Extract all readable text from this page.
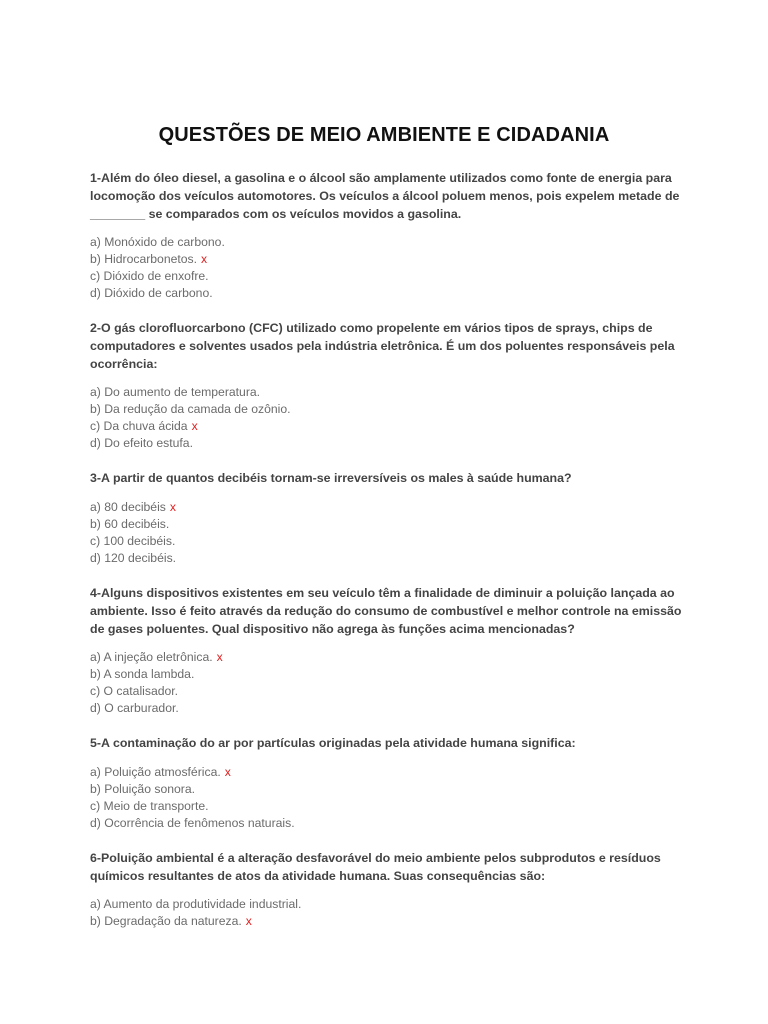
QUESTÕES DE MEIO AMBIENTE E CIDADANIA

1-Além do óleo diesel, a gasolina e o álcool são amplamente utilizados como fonte de energia para locomoção dos veículos automotores. Os veículos a álcool poluem menos, pois expelem metade de ________ se comparados com os veículos movidos a gasolina.

a) Monóxido de carbono.
b) Hidrocarbonetos. x
c) Dióxido de enxofre.
d) Dióxido de carbono.

2-O gás clorofluorcarbono (CFC) utilizado como propelente em vários tipos de sprays, chips de computadores e solventes usados pela indústria eletrônica. É um dos poluentes responsáveis pela ocorrência:

a) Do aumento de temperatura.
b) Da redução da camada de ozônio.
c) Da chuva ácida x
d) Do efeito estufa.

3-A partir de quantos decibéis tornam-se irreversíveis os males à saúde humana?

a) 80 decibéis x
b) 60 decibéis.
c) 100 decibéis.
d) 120 decibéis.

4-Alguns dispositivos existentes em seu veículo têm a finalidade de diminuir a poluição lançada ao ambiente. Isso é feito através da redução do consumo de combustível e melhor controle na emissão de gases poluentes. Qual dispositivo não agrega às funções acima mencionadas?

a) A injeção eletrônica. x
b) A sonda lambda.
c) O catalisador.
d) O carburador.

5-A contaminação do ar por partículas originadas pela atividade humana significa:

a) Poluição atmosférica. x
b) Poluição sonora.
c) Meio de transporte.
d) Ocorrência de fenômenos naturais.

6-Poluição ambiental é a alteração desfavorável do meio ambiente pelos subprodutos e resíduos químicos resultantes de atos da atividade humana. Suas consequências são:

a) Aumento da produtividade industrial.
b) Degradação da natureza. x
